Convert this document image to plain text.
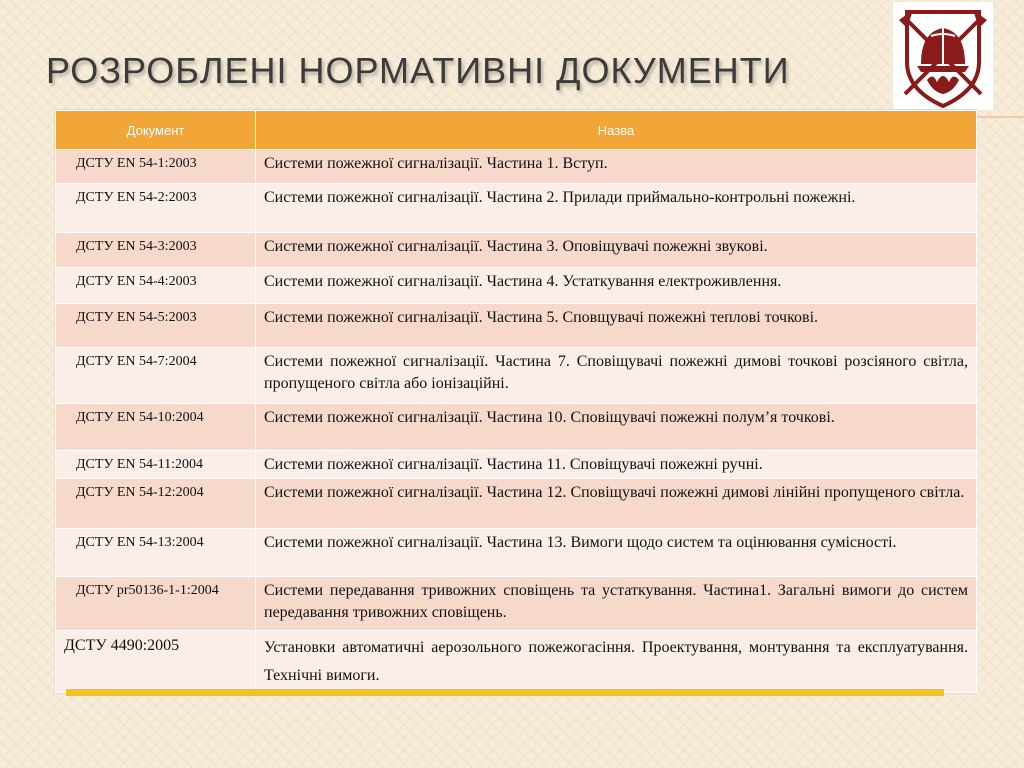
РОЗРОБЛЕНІ НОРМАТИВНІ ДОКУМЕНТИ
Документ	Назва
ДСТУ EN 54-1:2003	Системи пожежної сигналізації. Частина 1. Вступ.
ДСТУ EN 54-2:2003	Системи пожежної сигналізації. Частина 2. Прилади приймально-контрольні пожежні.
ДСТУ EN 54-3:2003	Системи пожежної сигналізації. Частина 3. Оповіщувачі пожежні звукові.
ДСТУ EN 54-4:2003	Системи пожежної сигналізації. Частина 4. Устаткування електроживлення.
ДСТУ EN 54-5:2003	Системи пожежної сигналізації. Частина 5. Сповщувачі пожежні теплові точкові.
ДСТУ EN 54-7:2004	Системи пожежної сигналізації. Частина 7. Сповіщувачі пожежні димові точкові розсіяного світла, пропущеного світла або іонізаційні.
ДСТУ EN 54-10:2004	Системи пожежної сигналізації. Частина 10. Сповіщувачі пожежні полум’я точкові.
ДСТУ EN 54-11:2004	Системи пожежної сигналізації. Частина 11. Сповіщувачі пожежні ручні.
ДСТУ EN 54-12:2004	Системи пожежної сигналізації. Частина 12. Сповіщувачі пожежні димові лінійні пропущеного світла.
ДСТУ EN 54-13:2004	Системи пожежної сигналізації. Частина 13. Вимоги щодо систем та оцінювання сумісності.
ДСТУ pr50136-1-1:2004	Системи передавання тривожних сповіщень та устаткування. Частина1. Загальні вимоги до систем передавання тривожних сповіщень.
ДСТУ 4490:2005	Установки автоматичні аерозольного пожежогасіння. Проектування, монтування та експлуатування. Технічні вимоги.
